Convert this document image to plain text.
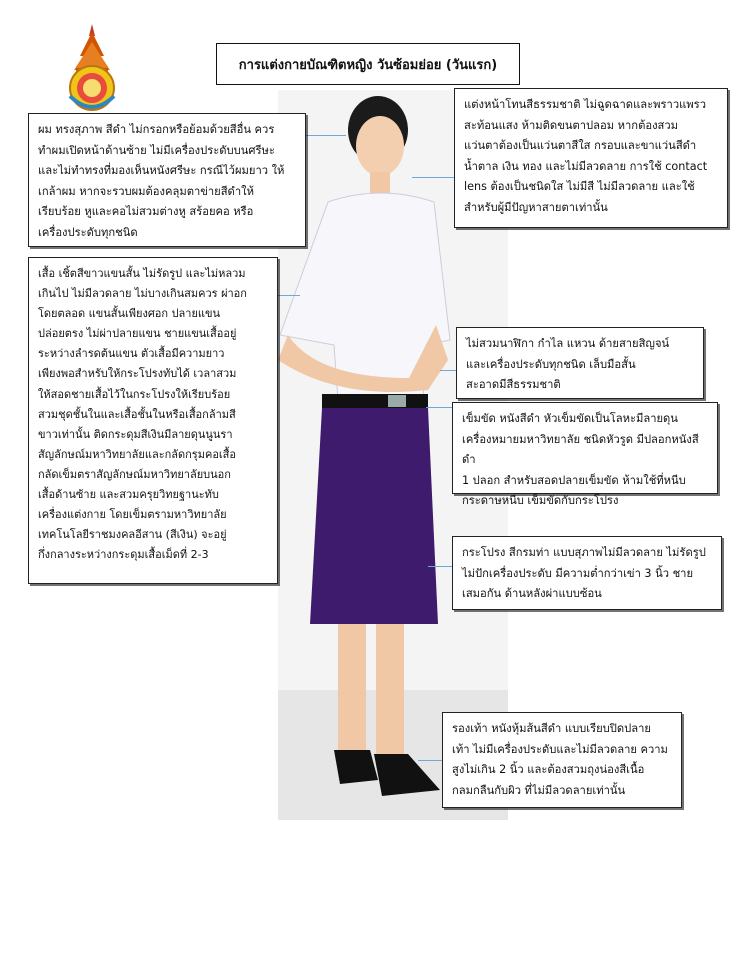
การแต่งกายบัณฑิตหญิง วันซ้อมย่อย (วันแรก)
ผม ทรงสุภาพ สีดำ ไม่กรอกหรือย้อมด้วยสีอื่น ควร
ทำผมเปิดหน้าด้านซ้าย ไม่มีเครื่องประดับบนศรีษะ
และไม่ทำทรงที่มองเห็นหนังศรีษะ กรณีไว้ผมยาว ให้
เกล้าผม หากจะรวบผมต้องคลุมตาข่ายสีดำให้
เรียบร้อย หูและคอไม่สวมต่างหู สร้อยคอ หรือ
เครื่องประดับทุกชนิด
แต่งหน้าโทนสีธรรมชาติ ไม่ฉูดฉาดและพราวแพรว
สะท้อนแสง ห้ามติดขนตาปลอม หากต้องสวม
แว่นตาต้องเป็นแว่นตาสีใส กรอบและขาแว่นสีดำ
น้ำตาล เงิน ทอง และไม่มีลวดลาย การใช้ contact
lens ต้องเป็นชนิดใส ไม่มีสี ไม่มีลวดลาย และใช้
สำหรับผู้มีปัญหาสายตาเท่านั้น
เสื้อ เชิ้ตสีขาวแขนสั้น ไม่รัดรูป และไม่หลวม
เกินไป ไม่มีลวดลาย ไม่บางเกินสมควร ผ่าอก
โดยตลอด แขนสั้นเพียงศอก ปลายแขน
ปล่อยตรง ไม่ผ่าปลายแขน ชายแขนเสื้ออยู่
ระหว่างลำรดต้นแขน ตัวเสื้อมีความยาว
เพียงพอสำหรับให้กระโปรงทับได้ เวลาสวม
ให้สอดชายเสื้อไว้ในกระโปรงให้เรียบร้อย
สวมชุดชั้นในและเสื้อชั้นในหรือเสื้อกล้ามสี
ขาวเท่านั้น ติดกระดุมสีเงินมีลายดุนนูนรา
สัญลักษณ์มหาวิทยาลัยและกลัดกรุมคอเสื้อ
กลัดเข็มตราสัญลักษณ์มหาวิทยาลัยบนอก
เสื้อด้านซ้าย และสวมครุยวิทยฐานะทับ
เครื่องแต่งกาย โดยเข็มตรามหาวิทยาลัย
เทคโนโลยีราชมงคลอีสาน (สีเงิน) จะอยู่
กึ่งกลางระหว่างกระดุมเสื้อเม็ดที่ 2-3
ไม่สวมนาฬิกา กำไล แหวน ด้ายสายสิญจน์
และเครื่องประดับทุกชนิด เล็บมือสั้น
สะอาดมีสีธรรมชาติ
เข็มขัด หนังสีดำ หัวเข็มขัดเป็นโลหะมีลายดุน
เครื่องหมายมหาวิทยาลัย ชนิดหัวรูด มีปลอกหนังสีดำ
1 ปลอก สำหรับสอดปลายเข็มขัด ห้ามใช้ที่หนีบ
กระดาษหนีบ เข็มขัดกับกระโปรง
กระโปรง สีกรมท่า แบบสุภาพไม่มีลวดลาย ไม่รัดรูป
ไม่ปักเครื่องประดับ มีความต่ำกว่าเข่า 3 นิ้ว ชาย
เสมอกัน ด้านหลังผ่าแบบซ้อน
รองเท้า หนังหุ้มส้นสีดำ แบบเรียบปิดปลาย
เท้า ไม่มีเครื่องประดับและไม่มีลวดลาย ความ
สูงไม่เกิน 2 นิ้ว และต้องสวมถุงน่องสีเนื้อ
กลมกลืนกับผิว ที่ไม่มีลวดลายเท่านั้น
